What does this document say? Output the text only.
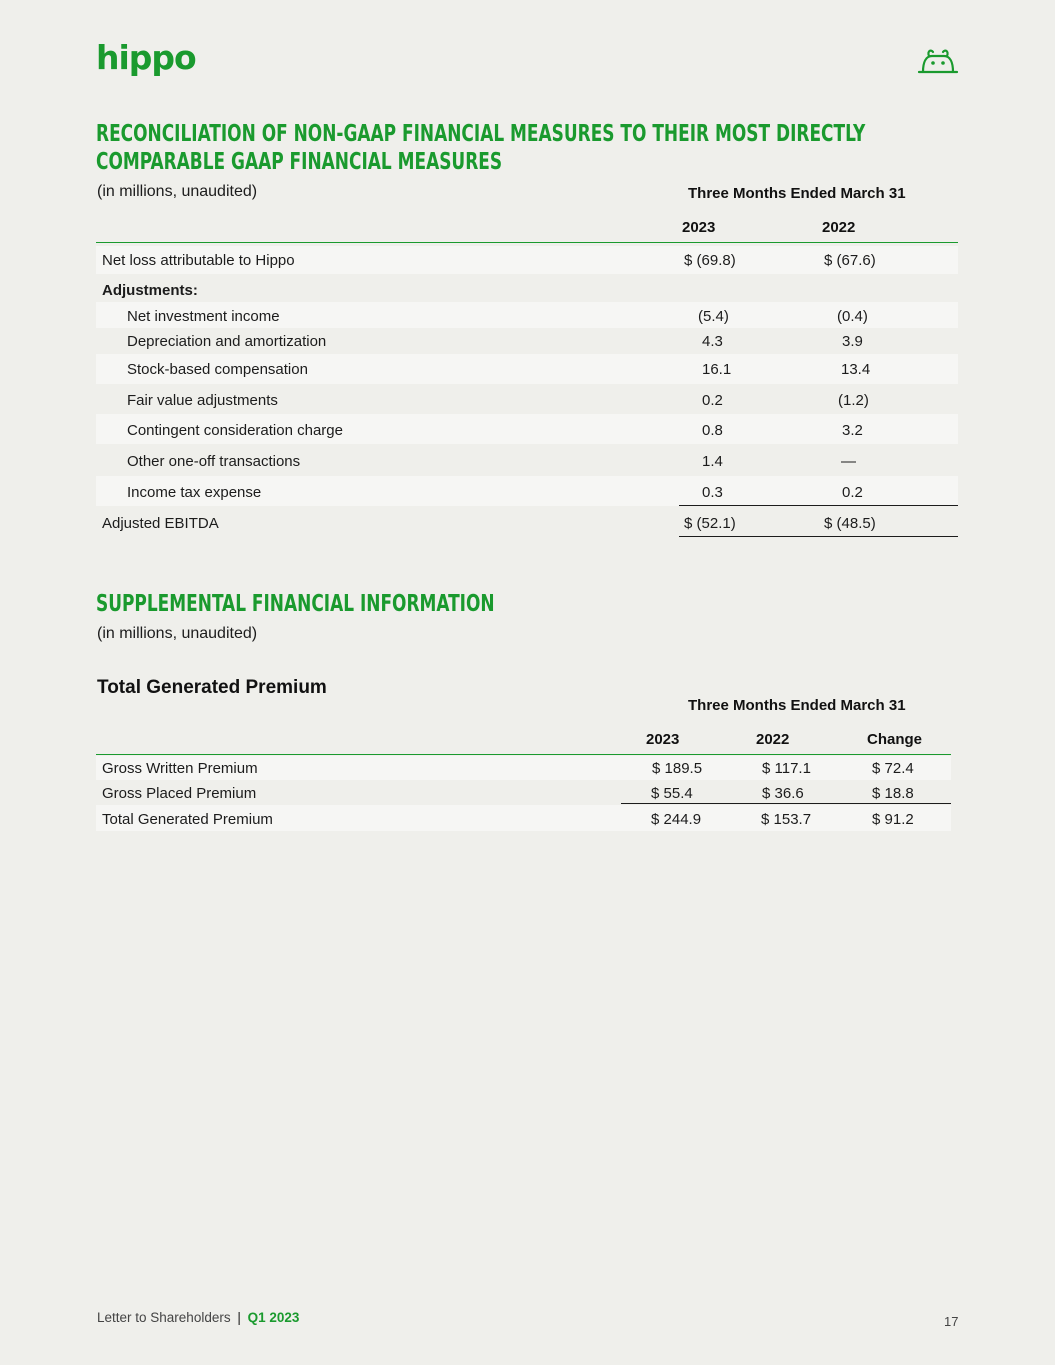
hippo
RECONCILIATION OF NON-GAAP FINANCIAL MEASURES TO THEIR MOST DIRECTLY
COMPARABLE GAAP FINANCIAL MEASURES
(in millions, unaudited)	Three Months Ended March 31
2023	2022
Net loss attributable to Hippo	$ (69.8)	$ (67.6)
Adjustments:
Net investment income	(5.4)	(0.4)
Depreciation and amortization	4.3	3.9
Stock-based compensation	16.1	13.4
Fair value adjustments	0.2	(1.2)
Contingent consideration charge	0.8	3.2
Other one-off transactions	1.4	—
Income tax expense	0.3	0.2
Adjusted EBITDA	$ (52.1)	$ (48.5)
SUPPLEMENTAL FINANCIAL INFORMATION
(in millions, unaudited)
Total Generated Premium
Three Months Ended March 31
2023	2022	Change
Gross Written Premium	$ 189.5	$ 117.1	$ 72.4
Gross Placed Premium	$ 55.4	$ 36.6	$ 18.8
Total Generated Premium	$ 244.9	$ 153.7	$ 91.2
Letter to Shareholders | Q1 2023	17
